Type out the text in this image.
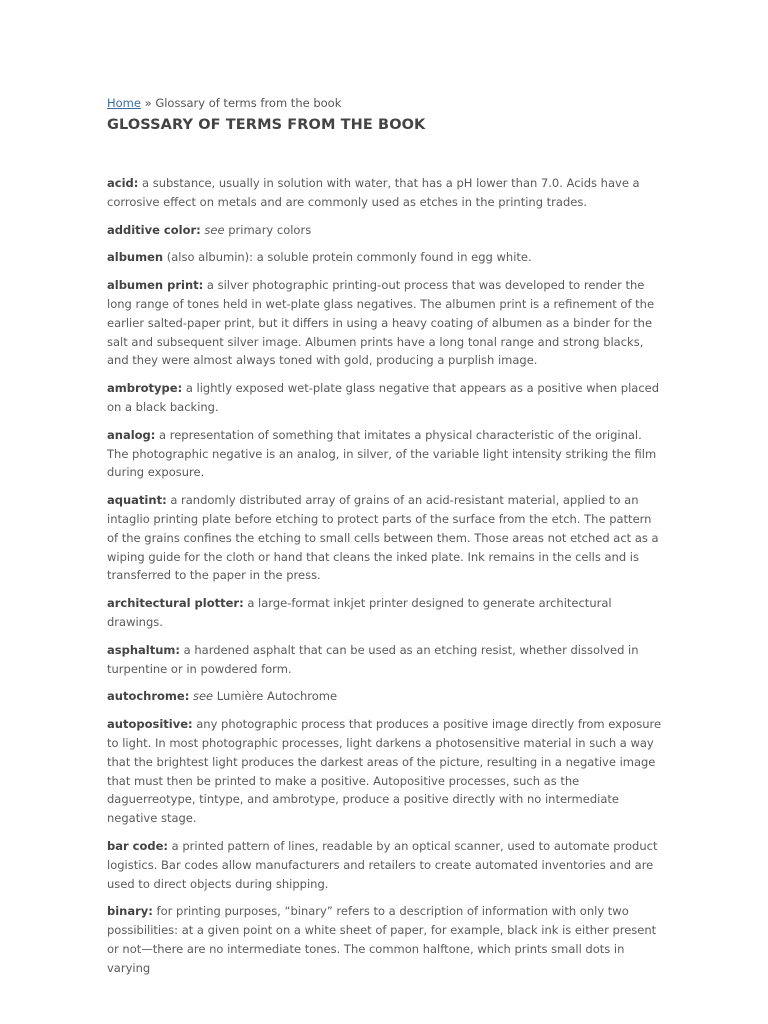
Home » Glossary of terms from the book

GLOSSARY OF TERMS FROM THE BOOK

acid: a substance, usually in solution with water, that has a pH lower than 7.0. Acids have a corrosive effect on metals and are commonly used as etches in the printing trades.

additive color: see primary colors

albumen (also albumin): a soluble protein commonly found in egg white.

albumen print: a silver photographic printing-out process that was developed to render the long range of tones held in wet-plate glass negatives. The albumen print is a refinement of the earlier salted-paper print, but it differs in using a heavy coating of albumen as a binder for the salt and subsequent silver image. Albumen prints have a long tonal range and strong blacks, and they were almost always toned with gold, producing a purplish image.

ambrotype: a lightly exposed wet-plate glass negative that appears as a positive when placed on a black backing.

analog: a representation of something that imitates a physical characteristic of the original. The photographic negative is an analog, in silver, of the variable light intensity striking the film during exposure.

aquatint: a randomly distributed array of grains of an acid-resistant material, applied to an intaglio printing plate before etching to protect parts of the surface from the etch. The pattern of the grains confines the etching to small cells between them. Those areas not etched act as a wiping guide for the cloth or hand that cleans the inked plate. Ink remains in the cells and is transferred to the paper in the press.

architectural plotter: a large-format inkjet printer designed to generate architectural drawings.

asphaltum: a hardened asphalt that can be used as an etching resist, whether dissolved in turpentine or in powdered form.

autochrome: see Lumière Autochrome

autopositive: any photographic process that produces a positive image directly from exposure to light. In most photographic processes, light darkens a photosensitive material in such a way that the brightest light produces the darkest areas of the picture, resulting in a negative image that must then be printed to make a positive. Autopositive processes, such as the daguerreotype, tintype, and ambrotype, produce a positive directly with no intermediate negative stage.

bar code: a printed pattern of lines, readable by an optical scanner, used to automate product logistics. Bar codes allow manufacturers and retailers to create automated inventories and are used to direct objects during shipping.

binary: for printing purposes, “binary” refers to a description of information with only two possibilities: at a given point on a white sheet of paper, for example, black ink is either present or not—there are no intermediate tones. The common halftone, which prints small dots in varying
